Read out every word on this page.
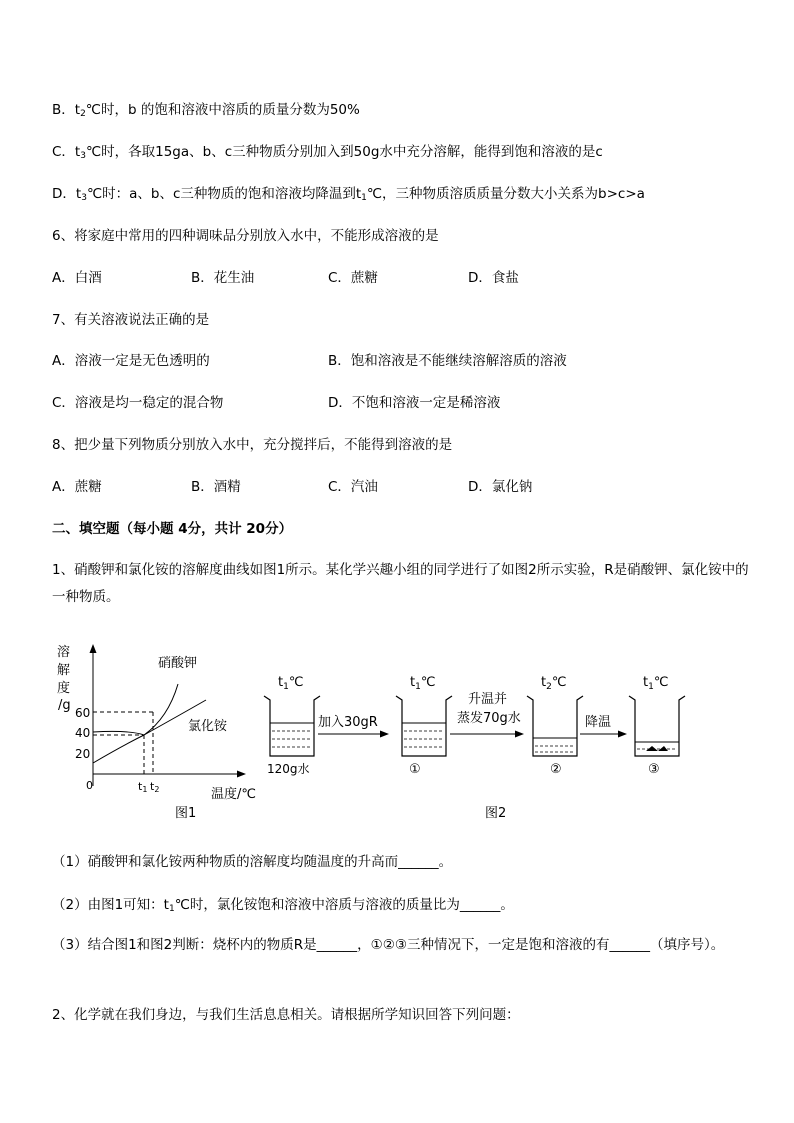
B．$t_2℃$时，b 的饱和溶液中溶质的质量分数为50%
C．$t_3℃$时，各取15ga、b、c三种物质分别加入到50g水中充分溶解，能得到饱和溶液的是c
D．$t_3℃$时：a、b、c三种物质的饱和溶液均降温到$t_1℃$，三种物质溶质质量分数大小关系为b>c>a
6、将家庭中常用的四种调味品分别放入水中，不能形成溶液的是
A．白酒	B．花生油	C．蔗糖	D．食盐
7、有关溶液说法正确的是
A．溶液一定是无色透明的	B．饱和溶液是不能继续溶解溶质的溶液
C．溶液是均一稳定的混合物	D．不饱和溶液一定是稀溶液
8、把少量下列物质分别放入水中，充分搅拌后，不能得到溶液的是
A．蔗糖	B．酒精	C．汽油	D．氯化钠
二、填空题（每小题 4分，共计 20分）
1、硝酸钾和氯化铵的溶解度曲线如图1所示。某化学兴趣小组的同学进行了如图2所示实验，R是硝酸钾、氯化铵中的一种物质。
溶
解
度
/g 60
40
20
0
硝酸钾
氯化铵
t1 t2	温度/℃
图1
$t_1℃$
120g水
加入30gR
$t_1℃$
①
升温并
蒸发70g水
$t_2℃$
②
降温
$t_1℃$
③
图2
（1）硝酸钾和氯化铵两种物质的溶解度均随温度的升高而______。
（2）由图1可知：$t_1℃$时，氯化铵饱和溶液中溶质与溶液的质量比为______。
（3）结合图1和图2判断：烧杯内的物质R是______，①②③三种情况下，一定是饱和溶液的有______（填序号）。
2、化学就在我们身边，与我们生活息息相关。请根据所学知识回答下列问题：
